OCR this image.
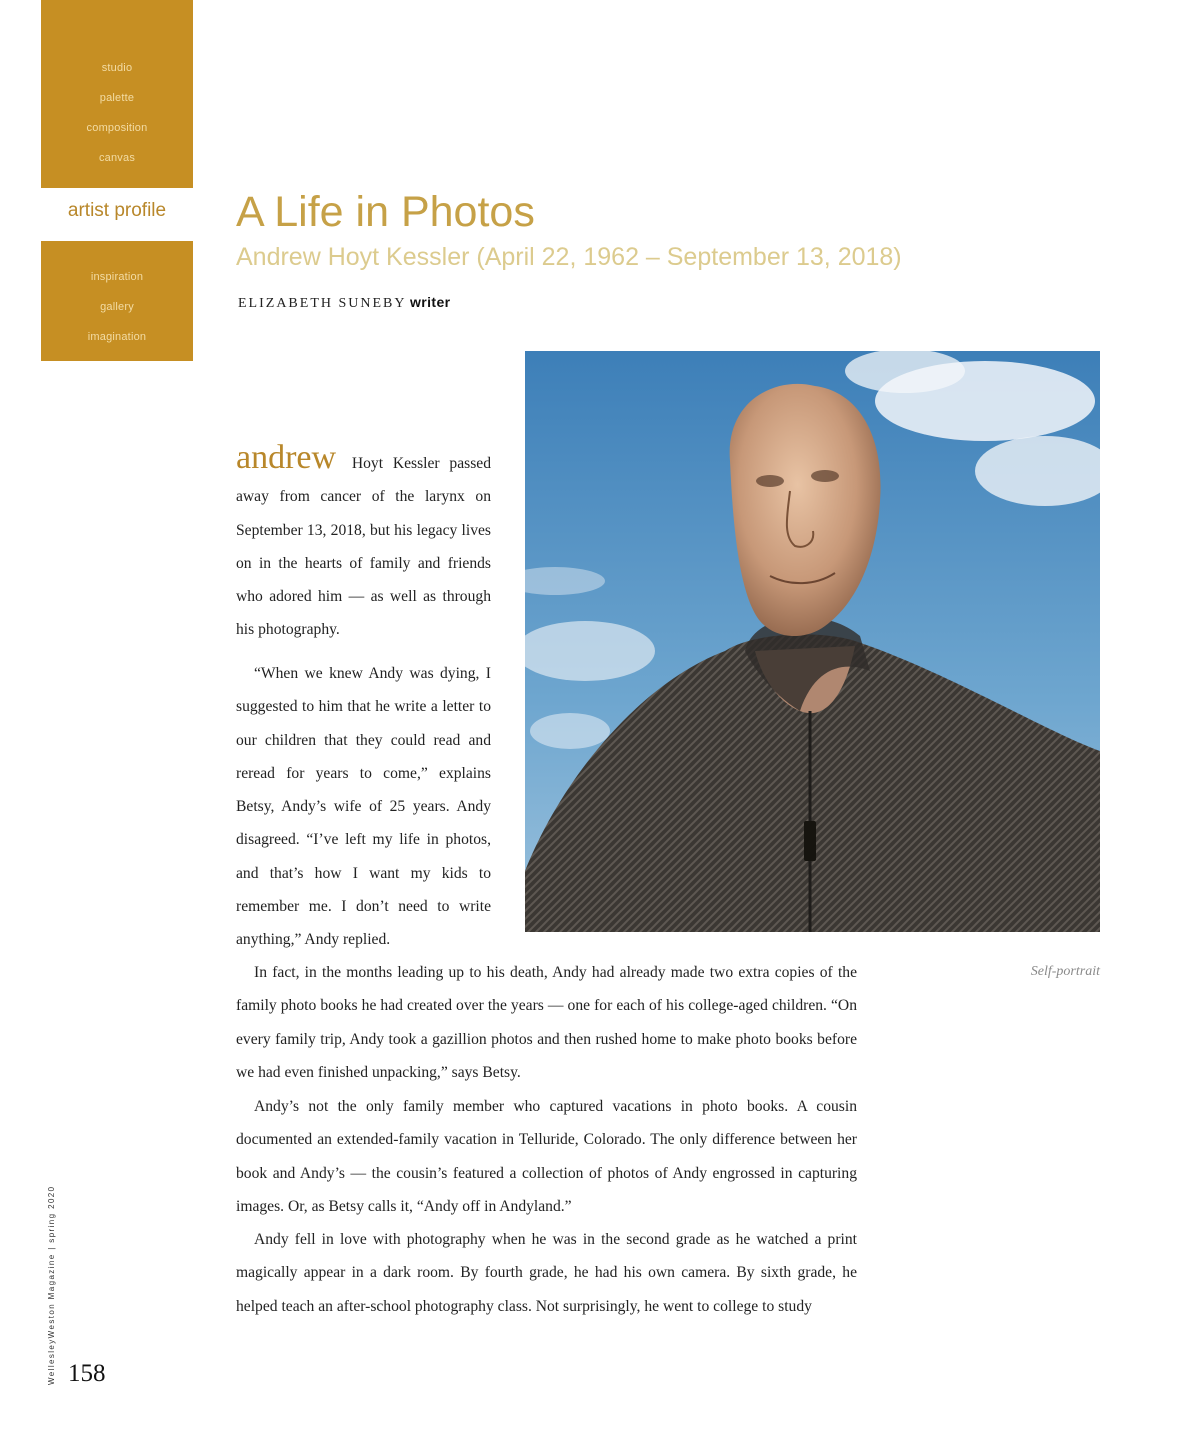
studio
palette
composition
canvas
artist profile
inspiration
gallery
imagination
A Life in Photos
Andrew Hoyt Kessler (April 22, 1962 – September 13, 2018)
ELIZABETH SUNEBY writer
Self-portrait

andrew Hoyt Kessler passed away from cancer of the larynx on September 13, 2018, but his legacy lives on in the hearts of family and friends who adored him — as well as through his photography.

“When we knew Andy was dying, I suggested to him that he write a letter to our children that they could read and reread for years to come,” explains Betsy, Andy’s wife of 25 years. Andy disagreed. “I’ve left my life in photos, and that’s how I want my kids to remember me. I don’t need to write anything,” Andy replied.

In fact, in the months leading up to his death, Andy had already made two extra copies of the family photo books he had created over the years — one for each of his college-aged children. “On every family trip, Andy took a gazillion photos and then rushed home to make photo books before we had even finished unpacking,” says Betsy.

Andy’s not the only family member who captured vacations in photo books. A cousin documented an extended-family vacation in Telluride, Colorado. The only difference between her book and Andy’s — the cousin’s featured a collection of photos of Andy engrossed in capturing images. Or, as Betsy calls it, “Andy off in Andyland.”

Andy fell in love with photography when he was in the second grade as he watched a print magically appear in a dark room. By fourth grade, he had his own camera. By sixth grade, he helped teach an after-school photography class. Not surprisingly, he went to college to study

WellesleyWeston Magazine | spring 2020 158
